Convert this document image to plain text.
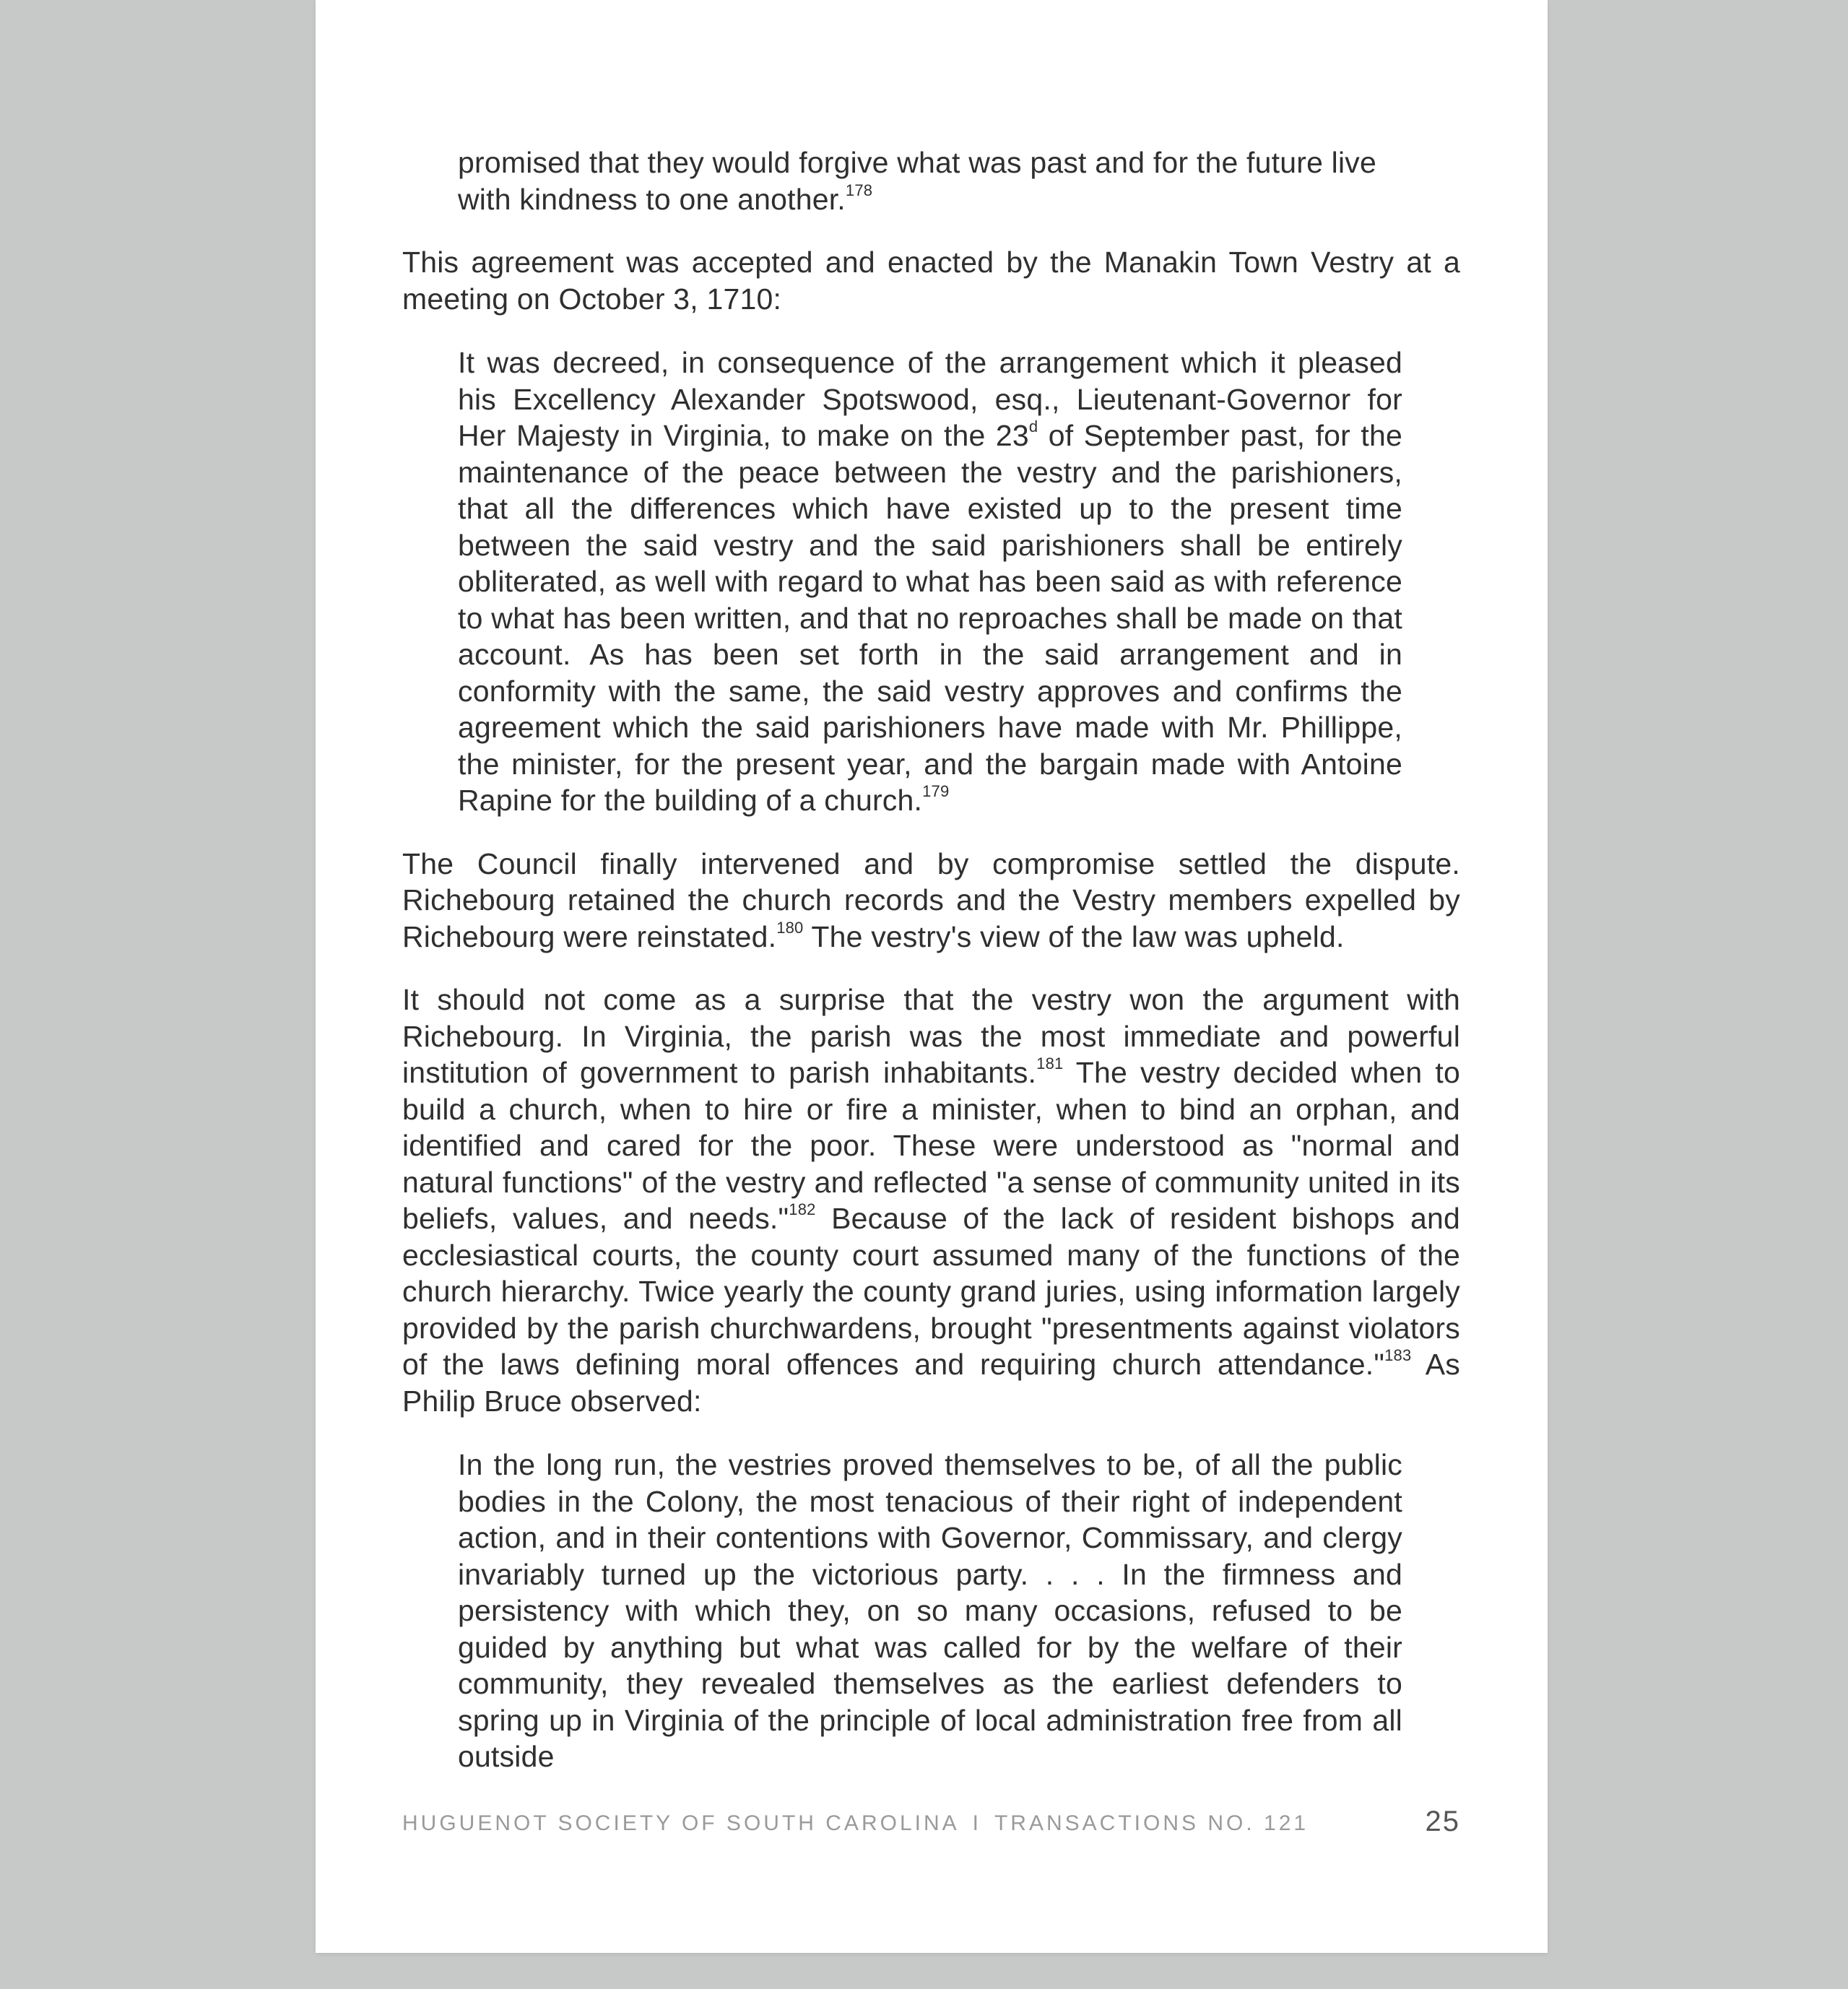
promised that they would forgive what was past and for the future live with kindness to one another.$^{178}$

This agreement was accepted and enacted by the Manakin Town Vestry at a meeting on October 3, 1710:

It was decreed, in consequence of the arrangement which it pleased his Excellency Alexander Spotswood, esq., Lieutenant-Governor for Her Majesty in Virginia, to make on the 23$^d$ of September past, for the maintenance of the peace between the vestry and the parishioners, that all the differences which have existed up to the present time between the said vestry and the said parishioners shall be entirely obliterated, as well with regard to what has been said as with reference to what has been written, and that no reproaches shall be made on that account. As has been set forth in the said arrangement and in conformity with the same, the said vestry approves and confirms the agreement which the said parishioners have made with Mr. Phillippe, the minister, for the present year, and the bargain made with Antoine Rapine for the building of a church.$^{179}$

The Council finally intervened and by compromise settled the dispute. Richebourg retained the church records and the Vestry members expelled by Richebourg were reinstated.$^{180}$ The vestry's view of the law was upheld.

It should not come as a surprise that the vestry won the argument with Richebourg. In Virginia, the parish was the most immediate and powerful institution of government to parish inhabitants.$^{181}$ The vestry decided when to build a church, when to hire or fire a minister, when to bind an orphan, and identified and cared for the poor. These were understood as "normal and natural functions" of the vestry and reflected "a sense of community united in its beliefs, values, and needs."$^{182}$ Because of the lack of resident bishops and ecclesiastical courts, the county court assumed many of the functions of the church hierarchy. Twice yearly the county grand juries, using information largely provided by the parish churchwardens, brought "presentments against violators of the laws defining moral offences and requiring church attendance."$^{183}$ As Philip Bruce observed:

In the long run, the vestries proved themselves to be, of all the public bodies in the Colony, the most tenacious of their right of independent action, and in their contentions with Governor, Commissary, and clergy invariably turned up the victorious party. . . . In the firmness and persistency with which they, on so many occasions, refused to be guided by anything but what was called for by the welfare of their community, they revealed themselves as the earliest defenders to spring up in Virginia of the principle of local administration free from all outside

HUGUENOT SOCIETY OF SOUTH CAROLINA I TRANSACTIONS NO. 121	25
